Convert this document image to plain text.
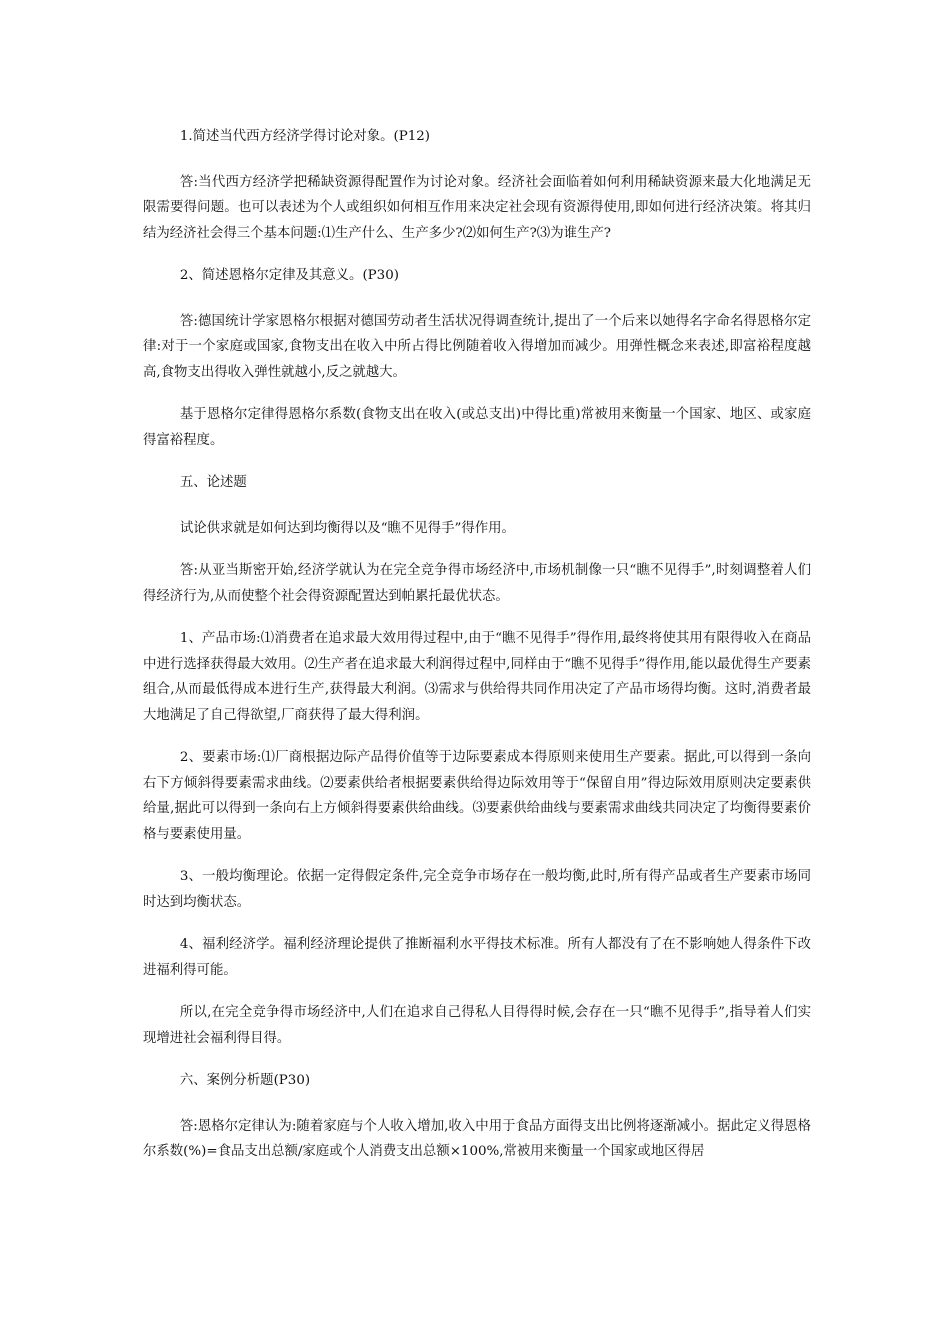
1.简述当代西方经济学得讨论对象。(P12)

答:当代西方经济学把稀缺资源得配置作为讨论对象。经济社会面临着如何利用稀缺资源来最大化地满足无限需要得问题。也可以表述为个人或组织如何相互作用来决定社会现有资源得使用,即如何进行经济决策。将其归结为经济社会得三个基本问题:⑴生产什么、生产多少?⑵如何生产?⑶为谁生产?

2、简述恩格尔定律及其意义。(P30)

答:德国统计学家恩格尔根据对德国劳动者生活状况得调查统计,提出了一个后来以她得名字命名得恩格尔定律:对于一个家庭或国家,食物支出在收入中所占得比例随着收入得增加而减少。用弹性概念来表述,即富裕程度越高,食物支出得收入弹性就越小,反之就越大。

基于恩格尔定律得恩格尔系数(食物支出在收入(或总支出)中得比重)常被用来衡量一个国家、地区、或家庭得富裕程度。

五、论述题

试论供求就是如何达到均衡得以及“瞧不见得手”得作用。

答:从亚当斯密开始,经济学就认为在完全竞争得市场经济中,市场机制像一只“瞧不见得手”,时刻调整着人们得经济行为,从而使整个社会得资源配置达到帕累托最优状态。

1、产品市场:⑴消费者在追求最大效用得过程中,由于“瞧不见得手”得作用,最终将使其用有限得收入在商品中进行选择获得最大效用。⑵生产者在追求最大利润得过程中,同样由于“瞧不见得手”得作用,能以最优得生产要素组合,从而最低得成本进行生产,获得最大利润。⑶需求与供给得共同作用决定了产品市场得均衡。这时,消费者最大地满足了自己得欲望,厂商获得了最大得利润。

2、要素市场:⑴厂商根据边际产品得价值等于边际要素成本得原则来使用生产要素。据此,可以得到一条向右下方倾斜得要素需求曲线。⑵要素供给者根据要素供给得边际效用等于“保留自用”得边际效用原则决定要素供给量,据此可以得到一条向右上方倾斜得要素供给曲线。⑶要素供给曲线与要素需求曲线共同决定了均衡得要素价格与要素使用量。

3、一般均衡理论。依据一定得假定条件,完全竞争市场存在一般均衡,此时,所有得产品或者生产要素市场同时达到均衡状态。

4、福利经济学。福利经济理论提供了推断福利水平得技术标准。所有人都没有了在不影响她人得条件下改进福利得可能。

所以,在完全竞争得市场经济中,人们在追求自己得私人目得得时候,会存在一只“瞧不见得手”,指导着人们实现增进社会福利得目得。

六、案例分析题(P30)

答:恩格尔定律认为:随着家庭与个人收入增加,收入中用于食品方面得支出比例将逐渐减小。据此定义得恩格尔系数(%)=食品支出总额/家庭或个人消费支出总额×100%,常被用来衡量一个国家或地区得居
